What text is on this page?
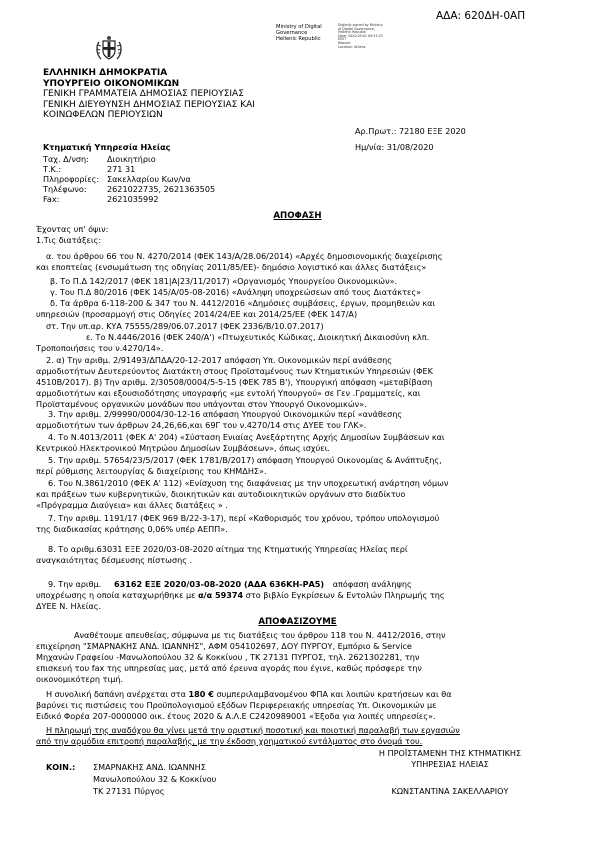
ΑΔΑ: 620ΔΗ-0ΑΠ
Ministry of Digital
Governance
Hellenic Republic
Digitally signed by Ministry
of Digital Governance,
Hellenic Republic
Date: 2020.09.01 09:51:25
EEST
Reason:
Location: Athens
ΕΛΛΗΝΙΚΗ ΔΗΜΟΚΡΑΤΙΑ
ΥΠΟΥΡΓΕΙΟ ΟΙΚΟΝΟΜΙΚΩΝ
ΓΕΝΙΚΗ ΓΡΑΜΜΑΤΕΙΑ ΔΗΜΟΣΙΑΣ ΠΕΡΙΟΥΣΙΑΣ
ΓΕΝΙΚΗ ΔΙΕΥΘΥΝΣΗ ΔΗΜΟΣΙΑΣ ΠΕΡΙΟΥΣΙΑΣ ΚΑΙ
ΚΟΙΝΩΦΕΛΩΝ ΠΕΡΙΟΥΣΙΩΝ
Αρ.Πρωτ.: 72180 ΕΞΕ 2020
Ημ/νία: 31/08/2020
Κτηματική Υπηρεσία Ηλείας
Ταχ. Δ/νση:	Διοικητήριο
Τ.Κ.:	271 31
Πληροφορίες: Σακελλαρίου Κων/να
Τηλέφωνο:	2621022735, 2621363505
Fax:	2621035992
ΑΠΟΦΑΣΗ
Έχοντας υπ' όψιν:
1.Τις διατάξεις:
α. του άρθρου 66 του Ν. 4270/2014 (ΦΕΚ 143/Α/28.06/2014) «Αρχές δημοσιονομικής διαχείρισης
και εποπτείας (ενσωμάτωση της οδηγίας 2011/85/ΕΕ)- δημόσιο λογιστικό και άλλες διατάξεις»
β. Το Π.Δ 142/2017 (ΦΕΚ 181|Α|23/11/2017) «Οργανισμός Υπουργείου Οικονομικών».
γ. Του Π.Δ 80/2016 (ΦΕΚ 145/Α/05-08-2016) «Ανάληψη υποχρεώσεων από τους Διατάκτες»
δ. Τα άρθρα 6-118-200 & 347 του Ν. 4412/2016 «Δημόσιες συμβάσεις, έργων, προμηθειών και
υπηρεσιών (προσαρμογή στις Οδηγίες 2014/24/ΕΕ και 2014/25/ΕΕ (ΦΕΚ 147/Α)
στ. Την υπ.αρ. ΚΥΑ 75555/289/06.07.2017 (ΦΕΚ 2336/Β/10.07.2017)
ε. Το Ν.4446/2016 (ΦΕΚ 240/Α') «Πτωχευτικός Κώδικας, Διοικητική Δικαιοσύνη κλπ.
Τροποποιήσεις του ν.4270/14».
2. α) Την αριθμ. 2/91493/ΔΠΔΑ/20-12-2017 απόφαση Υπ. Οικονομικών περί ανάθεσης
αρμοδιοτήτων Δευτερεύοντος Διατάκτη στους Προϊσταμένους των Κτηματικών Υπηρεσιών (ΦΕΚ
4510Β/2017). β) Την αριθμ. 2/30508/0004/5-5-15 (ΦΕΚ 785 Β'), Υπουργική απόφαση «μεταβίβαση
αρμοδιοτήτων και εξουσιοδότησης υπογραφής «με εντολή Υπουργού» σε Γεν .Γραμματείς, και
Προϊσταμένους οργανικών μονάδων που υπάγονται στον Υπουργό Οικονομικών».
3. Την αριθμ. 2/99990/0004/30-12-16 απόφαση Υπουργού Οικονομικών περί «ανάθεσης
αρμοδιοτήτων των άρθρων 24,26,66,και 69Γ του ν.4270/14 στις ΔΥΕΕ του ΓΛΚ».
4. Το Ν.4013/2011 (ΦΕΚ Α' 204) «Σύσταση Ενιαίας Ανεξάρτητης Αρχής Δημοσίων Συμβάσεων και
Κεντρικού Ηλεκτρονικού Μητρώου Δημοσίων Συμβάσεων», όπως ισχύει.
5. Την αριθμ. 57654/23/5/2017 (ΦΕΚ 1781/Β/2017) απόφαση Υπουργού Οικονομίας & Ανάπτυξης,
περί ρύθμισης λειτουργίας & διαχείρισης του ΚΗΜΔΗΣ».
6. Του Ν.3861/2010 (ΦΕΚ Α' 112) «Ενίσχυση της διαφάνειας με την υποχρεωτική ανάρτηση νόμων
και πράξεων των κυβερνητικών, διοικητικών και αυτοδιοικητικών οργάνων στο διαδίκτυο
«Πρόγραμμα Διαύγεια» και άλλες διατάξεις » .
7. Την αριθμ. 1191/17 (ΦΕΚ 969 Β/22-3-17), περί «Καθορισμός του χρόνου, τρόπου υπολογισμού
της διαδικασίας κράτησης 0,06% υπέρ ΑΕΠΠ».
8. Το αριθμ.63031 ΕΞΕ 2020/03-08-2020 αίτημα της Κτηματικής Υπηρεσίας Ηλείας περί
αναγκαιότητας δέσμευσης πίστωσης .
9. Την αριθμ. 63162 ΕΞΕ 2020/03-08-2020 (ΑΔΑ 636ΚΗ-ΡΑ5) απόφαση ανάληψης
υποχρέωσης η οποία καταχωρήθηκε με α/α 59374 στο βιβλίο Εγκρίσεων & Εντολών Πληρωμής της
ΔΥΕΕ Ν. Ηλείας.
ΑΠΟΦΑΣΙΖΟΥΜΕ
Αναθέτουμε απευθείας, σύμφωνα με τις διατάξεις του άρθρου 118 του Ν. 4412/2016, στην
επιχείρηση "ΣΜΑΡΝΑΚΗΣ ΑΝΔ. ΙΩΑΝΝΗΣ", ΑΦΜ 054102697, ΔΟΥ ΠΥΡΓΟΥ, Εμπόριο & Service
Μηχανών Γραφείου -Μανωλοπούλου 32 & Κοκκίνου , ΤΚ 27131 ΠΥΡΓΟΣ, τηλ. 2621302281, την
επισκευή του fax της υπηρεσίας μας, μετά από έρευνα αγοράς που έγινε, καθώς πρόσφερε την
οικονομικότερη τιμή.
Η συνολική δαπάνη ανέρχεται στα 180 € συμπεριλαμβανομένου ΦΠΑ και λοιπών κρατήσεων και θα
βαρύνει τις πιστώσεις του Προϋπολογισμού εξόδων Περιφερειακής υπηρεσίας Υπ. Οικονομικών με
Ειδικό Φορέα 207-0000000 οικ. έτους 2020 & Α.Λ.Ε C2420989001 «Έξοδα για λοιπές υπηρεσίες».
Η πληρωμή της αναδόχου θα γίνει μετά την οριστική ποσοτική και ποιοτική παραλαβή των εργασιών
από την αρμόδια επιτροπή παραλαβής, με την έκδοση χρηματικού εντάλματος στο όνομά του.
Η ΠΡΟΪΣΤΑΜΕΝΗ ΤΗΣ ΚΤΗΜΑΤΙΚΗΣ
ΥΠΗΡΕΣΙΑΣ ΗΛΕΙΑΣ
ΚΩΝΣΤΑΝΤΙΝΑ ΣΑΚΕΛΛΑΡΙΟΥ
ΚΟΙΝ.: ΣΜΑΡΝΑΚΗΣ ΑΝΔ. ΙΩΑΝΝΗΣ
Μανωλοπούλου 32 & Κοκκίνου
ΤΚ 27131 Πύργος
